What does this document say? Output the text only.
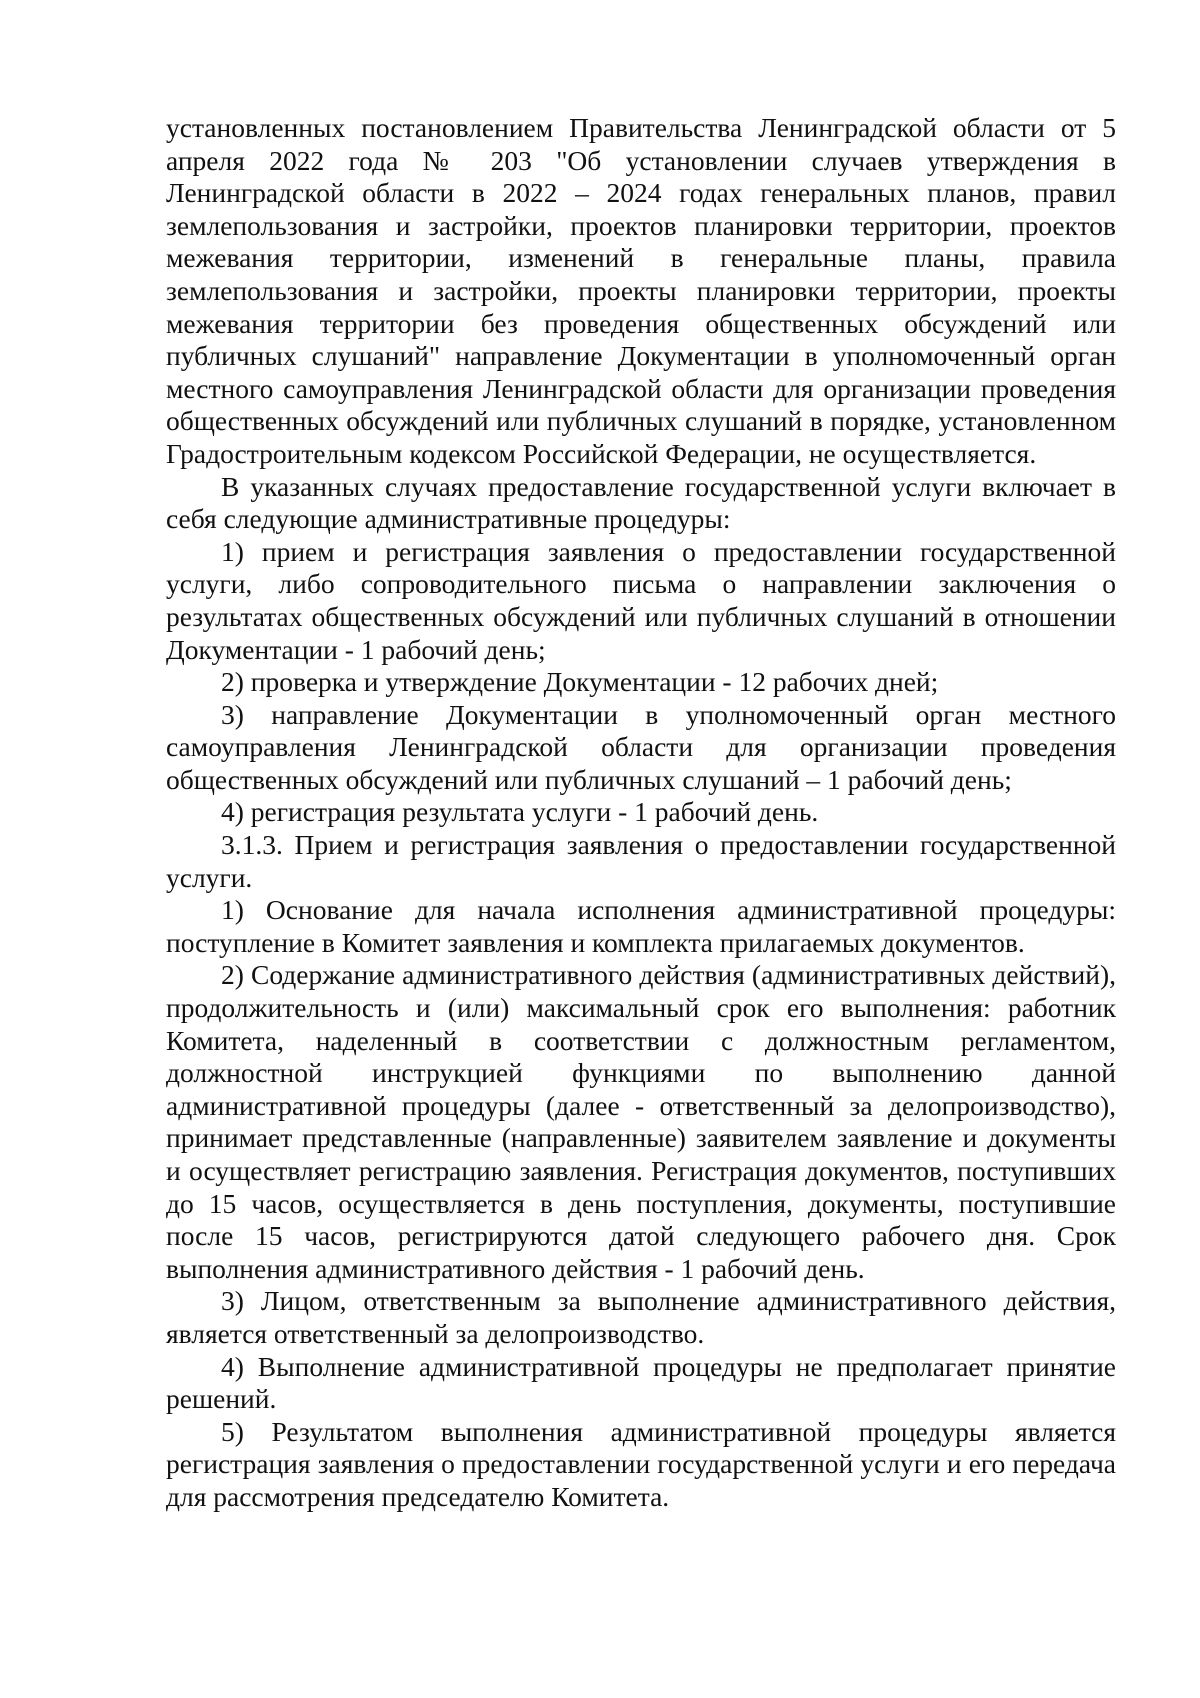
установленных постановлением Правительства Ленинградской области от 5 апреля 2022 года № 203 "Об установлении случаев утверждения в Ленинградской области в 2022 – 2024 годах генеральных планов, правил землепользования и застройки, проектов планировки территории, проектов межевания территории, изменений в генеральные планы, правила землепользования и застройки, проекты планировки территории, проекты межевания территории без проведения общественных обсуждений или публичных слушаний" направление Документации в уполномоченный орган местного самоуправления Ленинградской области для организации проведения общественных обсуждений или публичных слушаний в порядке, установленном Градостроительным кодексом Российской Федерации, не осуществляется.

В указанных случаях предоставление государственной услуги включает в себя следующие административные процедуры:

1) прием и регистрация заявления о предоставлении государственной услуги, либо сопроводительного письма о направлении заключения о результатах общественных обсуждений или публичных слушаний в отношении Документации - 1 рабочий день;

2) проверка и утверждение Документации - 12 рабочих дней;

3) направление Документации в уполномоченный орган местного самоуправления Ленинградской области для организации проведения общественных обсуждений или публичных слушаний – 1 рабочий день;

4) регистрация результата услуги - 1 рабочий день.

3.1.3. Прием и регистрация заявления о предоставлении государственной услуги.

1) Основание для начала исполнения административной процедуры: поступление в Комитет заявления и комплекта прилагаемых документов.

2) Содержание административного действия (административных действий), продолжительность и (или) максимальный срок его выполнения: работник Комитета, наделенный в соответствии с должностным регламентом, должностной инструкцией функциями по выполнению данной административной процедуры (далее - ответственный за делопроизводство), принимает представленные (направленные) заявителем заявление и документы и осуществляет регистрацию заявления. Регистрация документов, поступивших до 15 часов, осуществляется в день поступления, документы, поступившие после 15 часов, регистрируются датой следующего рабочего дня. Срок выполнения административного действия - 1 рабочий день.

3) Лицом, ответственным за выполнение административного действия, является ответственный за делопроизводство.

4) Выполнение административной процедуры не предполагает принятие решений.

5) Результатом выполнения административной процедуры является регистрация заявления о предоставлении государственной услуги и его передача для рассмотрения председателю Комитета.
